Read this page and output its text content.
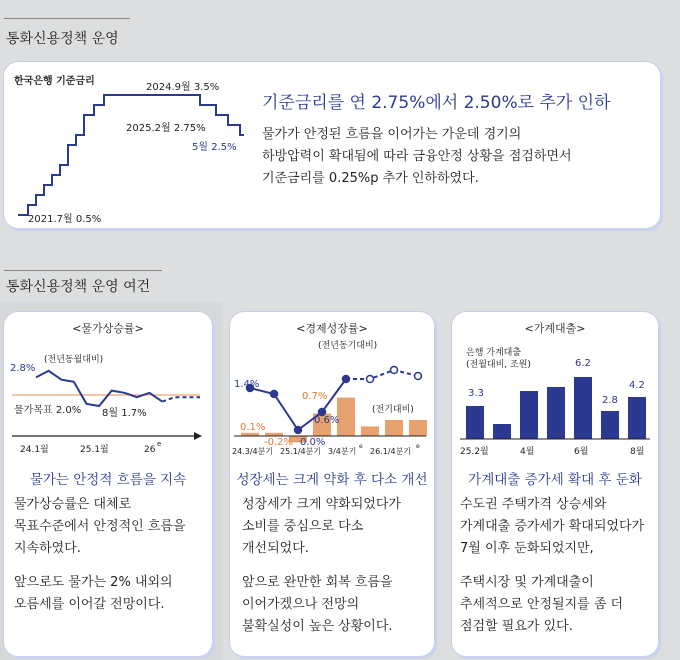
통화신용정책 운영
한국은행 기준금리
2024.9월 3.5%
2025.2월 2.75%
5월 2.5%
2021.7월 0.5%
기준금리를 연 2.75%에서 2.50%로 추가 인하
물가가 안정된 흐름을 이어가는 가운데 경기의
하방압력이 확대됨에 따라 금융안정 상황을 점검하면서
기준금리를 0.25%p 추가 인하하였다.
통화신용정책 운영 여건
<물가상승률>
(전년동월대비)
2.8%
물가목표 2.0% 8월 1.7%
24.1월	25.1월	26
e
물가는 안정적 흐름을 지속
물가상승률은 대체로
목표수준에서 안정적인 흐름을
지속하였다.
앞으로도 물가는 2% 내외의
오름세를 이어갈 전망이다.
<경제성장률>
(전년동기대비)
(전기대비)
1.4%
0.1%
-0.2% 0.0%
0.7%
0.6%
24.3/4분기 25.1/4분기 3/4분기
e
26.1/4분기
e
성장세는 크게 약화 후 다소 개선
성장세가 크게 약화되었다가
소비를 중심으로 다소
개선되었다.
앞으로 완만한 회복 흐름을
이어가겠으나 전망의
불확실성이 높은 상황이다.
<가계대출>
은행 가계대출
(전월대비, 조원)
3.3
6.2
2.8
4.2
25.2월	4월	6월	8월
가계대출 증가세 확대 후 둔화
수도권 주택가격 상승세와
가계대출 증가세가 확대되었다가
7월 이후 둔화되었지만,
주택시장 및 가계대출이
추세적으로 안정될지를 좀 더
점검할 필요가 있다.
